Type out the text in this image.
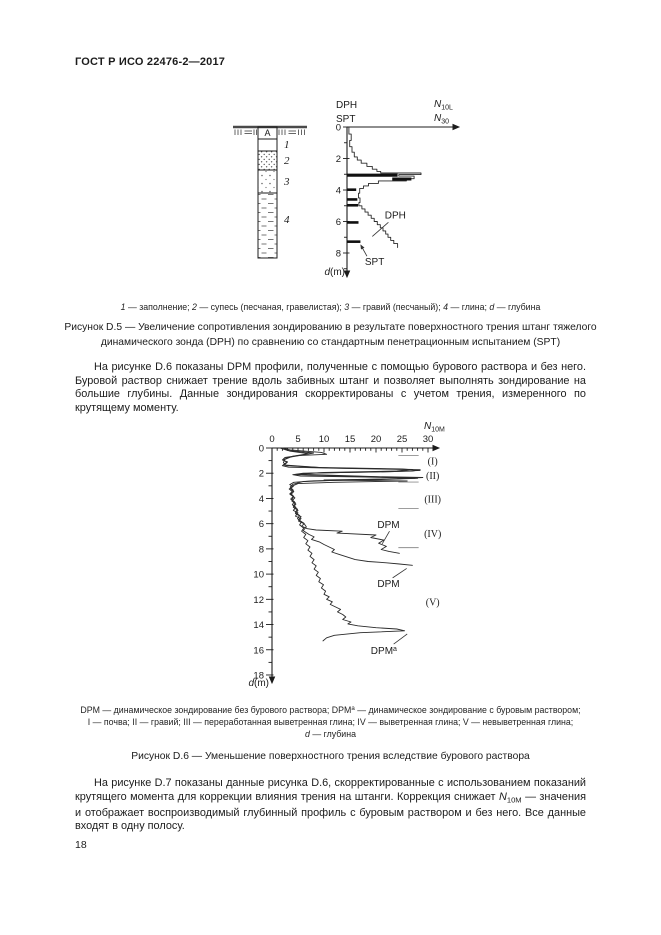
ГОСТ Р ИСО 22476-2—2017
A
1
2
3
4
0
2
4
6
8
DPH
SPT
$N_{10L}$
$N_{30}$
d(m)
DPH
SPT
1 — заполнение; 2 — супесь (песчаная, гравелистая); 3 — гравий (песчаный); 4 — глина; d — глубина
Рисунок D.5 — Увеличение сопротивления зондированию в результате поверхностного трения штанг тяжелого динамического зонда (DPH) по сравнению со стандартным пенетрационным испытанием (SPT)
На рисунке D.6 показаны DPM профили, полученные с помощью бурового раствора и без него. Буровой раствор снижает трение вдоль забивных штанг и позволяет выполнять зондирование на большие глубины. Данные зондирования скорректированы с учетом трения, измеренного по крутящему моменту.
0 5 10 15 20 25 30
0
2
4
6
8
10
12
14
16
18
$N_{10M}$
d(m)
(I)
(II)
(III)
(IV)
(V)
DPM
DPM
$DPM^а$
DPM — динамическое зондирование без бурового раствора; $DPM^а$ — динамическое зондирование с буровым раствором;
I — почва; II — гравий; III — переработанная выветренная глина; IV — выветренная глина; V — невыветренная глина;
d — глубина
Рисунок D.6 — Уменьшение поверхностного трения вследствие бурового раствора
На рисунке D.7 показаны данные рисунка D.6, скорректированные с использованием показаний крутящего момента для коррекции влияния трения на штанги. Коррекция снижает $N_{10M}$ — значения и отображает воспроизводимый глубинный профиль с буровым раствором и без него. Все данные входят в одну полосу.
18
